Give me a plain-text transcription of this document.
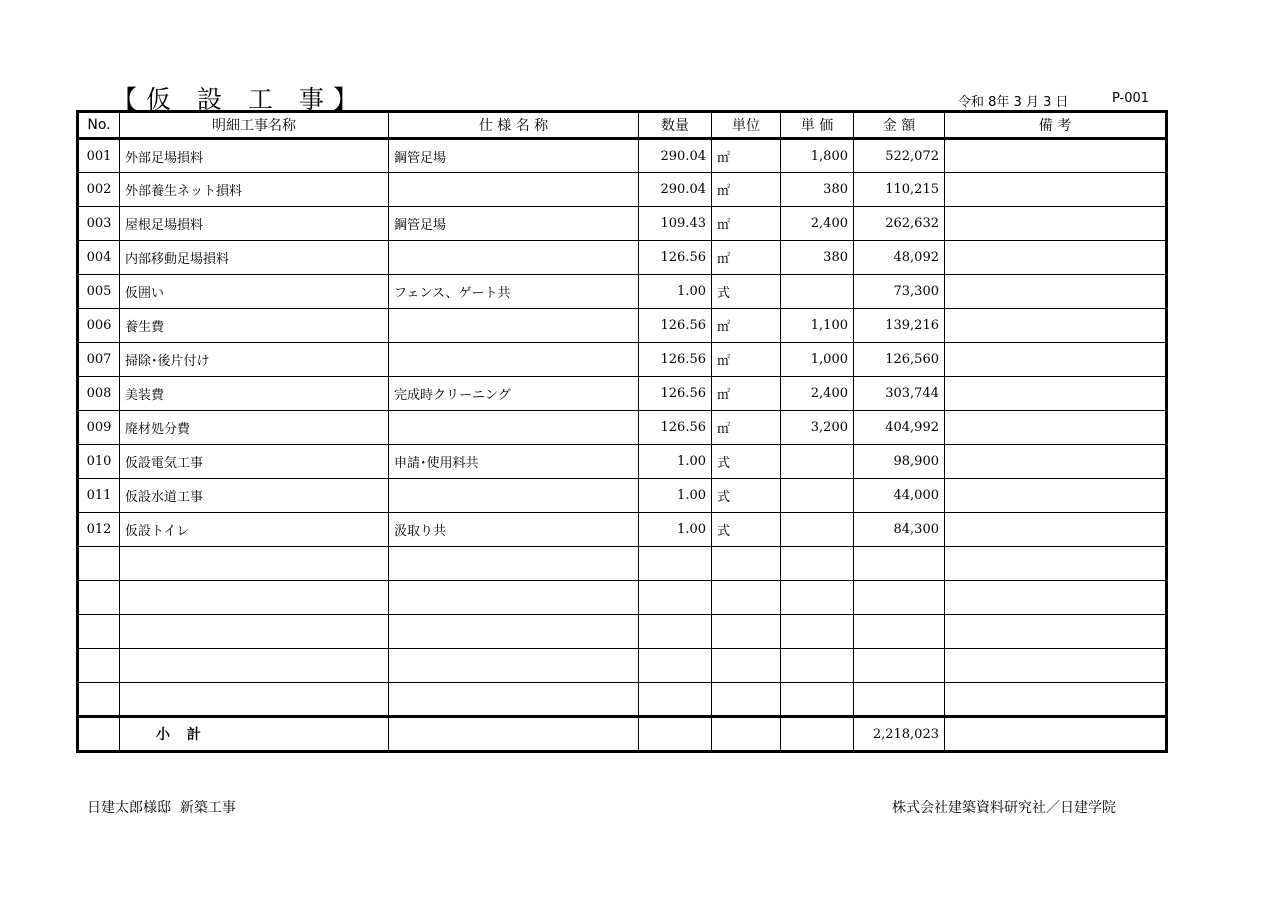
【仮 設 工 事】	令和 8年 3 月 3 日	P-001
No.	明細工事名称	仕 様 名 称	数量	単位	単 価	金 額	備 考
001	外部足場損料	鋼管足場	290.04	㎡	1,800	522,072	
002	外部養生ネット損料		290.04	㎡	380	110,215	
003	屋根足場損料	鋼管足場	109.43	㎡	2,400	262,632	
004	内部移動足場損料		126.56	㎡	380	48,092	
005	仮囲い	フェンス、ゲート共	1.00	式		73,300	
006	養生費		126.56	㎡	1,100	139,216	
007	掃除･後片付け		126.56	㎡	1,000	126,560	
008	美装費	完成時クリーニング	126.56	㎡	2,400	303,744	
009	廃材処分費		126.56	㎡	3,200	404,992	
010	仮設電気工事	申請･使用料共	1.00	式		98,900	
011	仮設水道工事		1.00	式		44,000	
012	仮設トイレ	汲取り共	1.00	式		84,300	

	小 計					2,218,023	
日建太郎様邸  新築工事	株式会社建築資料研究社／日建学院
